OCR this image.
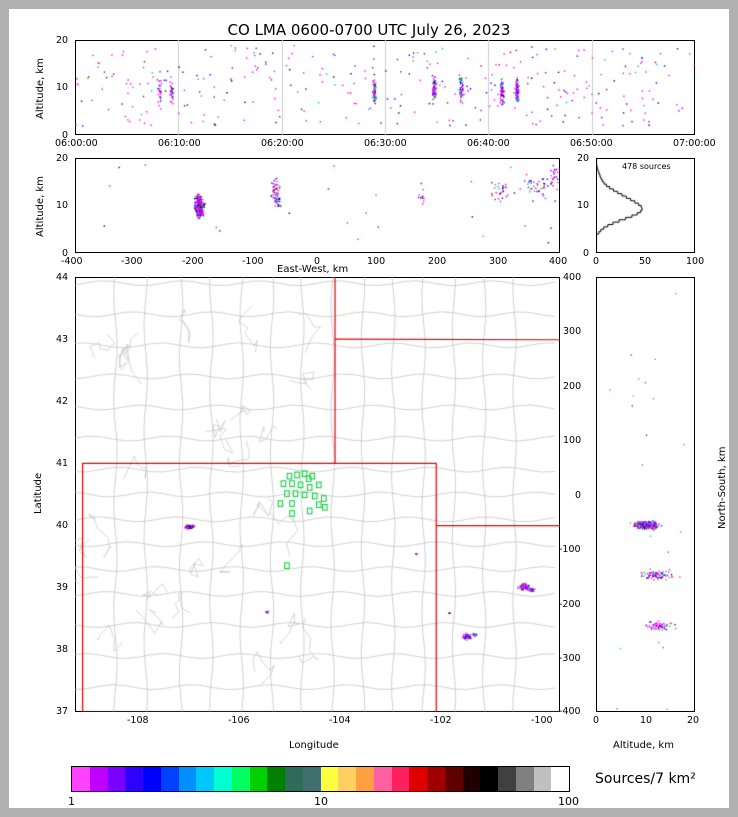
CO LMA 0600-0700 UTC July 26, 2023
Altitude, km
20
10
0
06:00:00	06:10:00	06:20:00	06:30:00	06:40:00	06:50:00	07:00:00
Altitude, km
20
10
0
East-West, km
-400	-300	-200	-100	0	100	200	300	400
478 sources
20
10
0
0	50	100
Latitude
Longitude
44
43
42
41
40
39
38
37
-108	-106	-104	-102	-100
North-South, km
Altitude, km
400
300
200
100
0
-100
-200
-300
-400
0	10	20
Sources/7 km²
1	10	100
